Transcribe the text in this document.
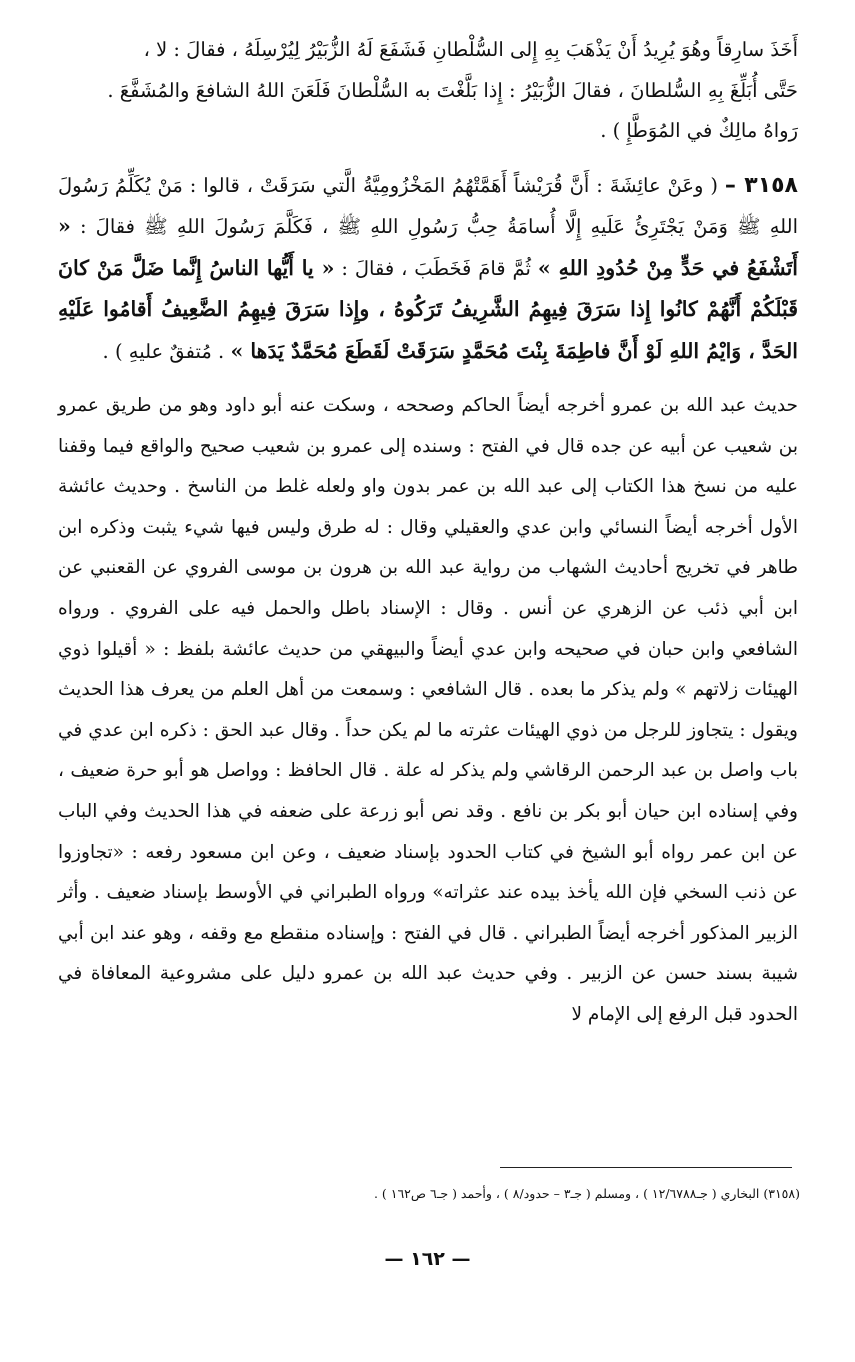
أَخَذَ سارِقاً وهُوَ يُرِيدُ أَنْ يَذْهَبَ بِهِ إِلى السُّلْطانِ فَشَفَعَ لَهُ الزُّبَيْرُ لِيُرْسِلَهُ ، فقالَ : لا ،
حَتَّى أُبَلِّغَ بِهِ السُّلطانَ ، فقالَ الزُّبَيْرُ : إِذا بَلَّغْتَ به السُّلْطانَ فَلَعَنَ اللهُ الشافعَ والمُشَفَّعَ .
رَواهُ مالِكٌ في المُوَطَّإِ ) .

٣١٥٨ – ( وعَنْ عائِشَةَ : أَنَّ قُرَيْشاً أَهَمَّتْهُمُ المَخْزُومِيَّةُ الَّتي سَرَقَتْ ، قالوا : مَنْ يُكَلِّمُ رَسُولَ اللهِ ﷺ وَمَنْ يَجْتَرِئُ عَلَيهِ إِلَّا أُسامَةُ حِبُّ رَسُولِ اللهِ ﷺ ، فَكَلَّمَ رَسُولَ اللهِ ﷺ فقالَ : « أَتَشْفَعُ في حَدٍّ مِنْ حُدُودِ اللهِ » ثُمَّ قامَ فَخَطَبَ ، فقالَ : « يا أَيُّها الناسُ إِنَّما ضَلَّ مَنْ كانَ قَبْلَكُمْ أَنَّهُمْ كانُوا إِذا سَرَقَ فِيهِمُ الشَّرِيفُ تَرَكُوهُ ، وإِذا سَرَقَ فِيهِمُ الضَّعِيفُ أَقامُوا عَلَيْهِ الحَدَّ ، وَايْمُ اللهِ لَوْ أَنَّ فاطِمَةَ بِنْتَ مُحَمَّدٍ سَرَقَتْ لَقَطَعَ مُحَمَّدٌ يَدَها » . مُتفقٌ عليهِ ) .

حديث عبد الله بن عمرو أخرجه أيضاً الحاكم وصححه ، وسكت عنه أبو داود وهو من طريق عمرو بن شعيب عن أبيه عن جده قال في الفتح : وسنده إلى عمرو بن شعيب صحيح والواقع فيما وقفنا عليه من نسخ هذا الكتاب إلى عبد الله بن عمر بدون واو ولعله غلط من الناسخ . وحديث عائشة الأول أخرجه أيضاً النسائي وابن عدي والعقيلي وقال : له طرق وليس فيها شيء يثبت وذكره ابن طاهر في تخريج أحاديث الشهاب من رواية عبد الله بن هرون بن موسى الفروي عن القعنبي عن ابن أبي ذئب عن الزهري عن أنس . وقال : الإسناد باطل والحمل فيه على الفروي . ورواه الشافعي وابن حبان في صحيحه وابن عدي أيضاً والبيهقي من حديث عائشة بلفظ : « أقيلوا ذوي الهيئات زلاتهم » ولم يذكر ما بعده . قال الشافعي : وسمعت من أهل العلم من يعرف هذا الحديث ويقول : يتجاوز للرجل من ذوي الهيئات عثرته ما لم يكن حداً . وقال عبد الحق : ذكره ابن عدي في باب واصل بن عبد الرحمن الرقاشي ولم يذكر له علة . قال الحافظ : وواصل هو أبو حرة ضعيف ، وفي إسناده ابن حيان أبو بكر بن نافع . وقد نص أبو زرعة على ضعفه في هذا الحديث وفي الباب عن ابن عمر رواه أبو الشيخ في كتاب الحدود بإسناد ضعيف ، وعن ابن مسعود رفعه : «تجاوزوا عن ذنب السخي فإن الله يأخذ بيده عند عثراته» ورواه الطبراني في الأوسط بإسناد ضعيف . وأثر الزبير المذكور أخرجه أيضاً الطبراني . قال في الفتح : وإسناده منقطع مع وقفه ، وهو عند ابن أبي شيبة بسند حسن عن الزبير . وفي حديث عبد الله بن عمرو دليل على مشروعية المعافاة في الحدود قبل الرفع إلى الإمام لا

(٣١٥٨) البخاري ( جـ١٢/٦٧٨٨ ) ، ومسلم ( جـ٣ – حدود/٨ ) ، وأحمد ( جـ٦ ص١٦٢ ) .
— ١٦٢ —
